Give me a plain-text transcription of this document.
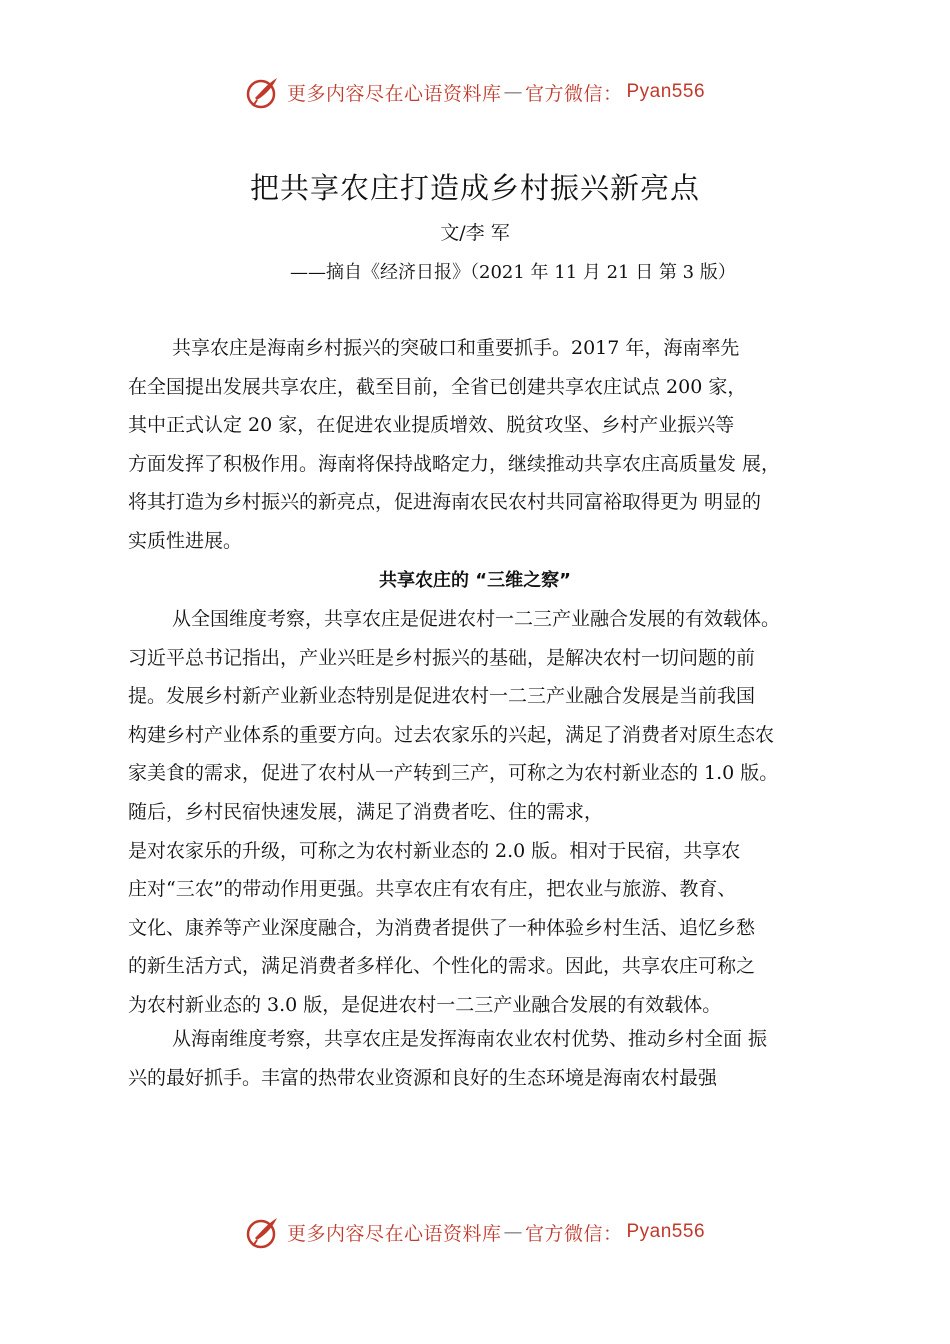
更多内容尽在心语资料库 — 官方微信： Pyan556
把共享农庄打造成乡村振兴新亮点
文/李 军
——摘自《经济日报》（2021 年 11 月 21 日 第 3 版）
共享农庄是海南乡村振兴的突破口和重要抓手。2017 年，海南率先
在全国提出发展共享农庄，截至目前，全省已创建共享农庄试点 200 家，
其中正式认定 20 家，在促进农业提质增效、脱贫攻坚、乡村产业振兴等
方面发挥了积极作用。海南将保持战略定力，继续推动共享农庄高质量发 展，
将其打造为乡村振兴的新亮点，促进海南农民农村共同富裕取得更为 明显的
实质性进展。
共享农庄的 “三维之察”
从全国维度考察，共享农庄是促进农村一二三产业融合发展的有效载体。
习近平总书记指出，产业兴旺是乡村振兴的基础，是解决农村一切问题的前
提。发展乡村新产业新业态特别是促进农村一二三产业融合发展是当前我国
构建乡村产业体系的重要方向。过去农家乐的兴起，满足了消费者对原生态农
家美食的需求，促进了农村从一产转到三产，可称之为农村新业态的 1.0 版。
随后，乡村民宿快速发展，满足了消费者吃、住的需求，
是对农家乐的升级，可称之为农村新业态的 2.0 版。相对于民宿，共享农
庄对“三农”的带动作用更强。共享农庄有农有庄，把农业与旅游、教育、
文化、康养等产业深度融合，为消费者提供了一种体验乡村生活、追忆乡愁
的新生活方式，满足消费者多样化、个性化的需求。因此，共享农庄可称之
为农村新业态的 3.0 版，是促进农村一二三产业融合发展的有效载体。
从海南维度考察，共享农庄是发挥海南农业农村优势、推动乡村全面 振
兴的最好抓手。丰富的热带农业资源和良好的生态环境是海南农村最强
更多内容尽在心语资料库 — 官方微信： Pyan556
